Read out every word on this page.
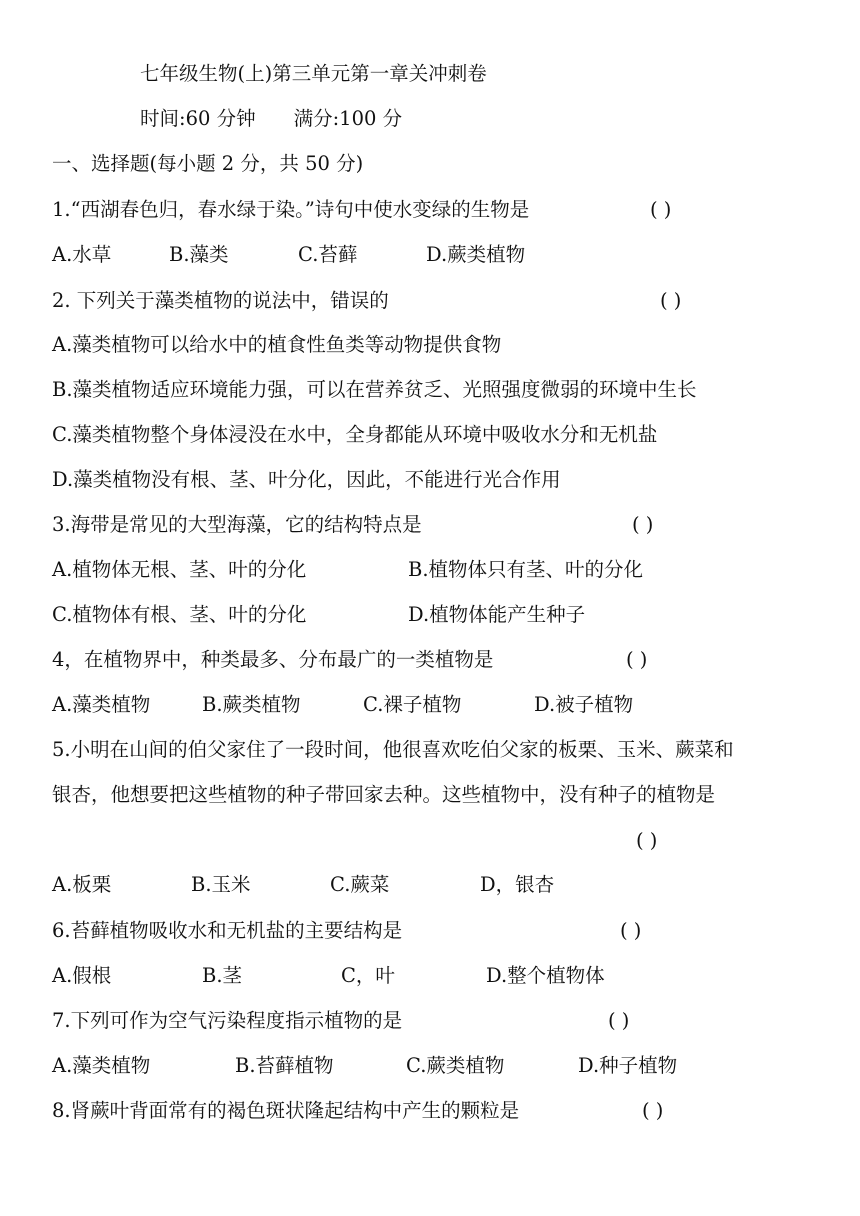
七年级生物(上)第三单元第一章关冲刺卷
时间:60 分钟 满分:100 分
一、选择题(每小题 2 分，共 50 分)
1.“西湖春色归，春水绿于染。”诗句中使水变绿的生物是	( )
A.水草	B.藻类	C.苔藓	D.蕨类植物
2. 下列关于藻类植物的说法中，错误的	( )
A.藻类植物可以给水中的植食性鱼类等动物提供食物
B.藻类植物适应环境能力强，可以在营养贫乏、光照强度微弱的环境中生长
C.藻类植物整个身体浸没在水中，全身都能从环境中吸收水分和无机盐
D.藻类植物没有根、茎、叶分化，因此，不能进行光合作用
3.海带是常见的大型海藻，它的结构特点是	( )
A.植物体无根、茎、叶的分化	B.植物体只有茎、叶的分化
C.植物体有根、茎、叶的分化	D.植物体能产生种子
4，在植物界中，种类最多、分布最广的一类植物是	( )
A.藻类植物	B.蕨类植物	C.裸子植物	D.被子植物
5.小明在山间的伯父家住了一段时间，他很喜欢吃伯父家的板栗、玉米、蕨菜和
银杏，他想要把这些植物的种子带回家去种。这些植物中，没有种子的植物是
( )
A.板栗	B.玉米	C.蕨菜	D，银杏
6.苔藓植物吸收水和无机盐的主要结构是	( )
A.假根	B.茎	C，叶	D.整个植物体
7.下列可作为空气污染程度指示植物的是	( )
A.藻类植物	B.苔藓植物	C.蕨类植物	D.种子植物
8.肾蕨叶背面常有的褐色斑状隆起结构中产生的颗粒是	( )
